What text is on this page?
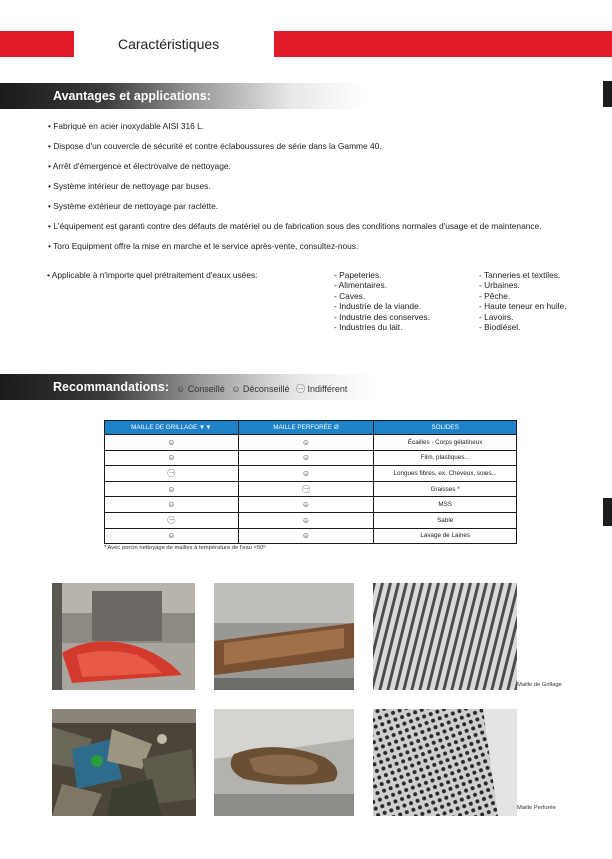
Caractéristiques
Avantages et applications:
• Fabriqué en acier inoxydable AISI 316 L.
• Dispose d'un couvercle de sécurité et contre éclaboussures de série dans la Gamme 40.
• Arrêt d'émergence et électrovalve de nettoyage.
• Système intérieur de nettoyage par buses.
• Système extérieur de nettoyage par raclette.
• L'équipement est garanti contre des défauts de matériel ou de fabrication sous des conditions normales d'usage et de maintenance.
• Toro Equipment offre la mise en marche et le service après-vente, consultez-nous.
• Applicable à n'importe quel prétraitement d'eaux usées:	- Papeteries.
- Alimentaires.
- Caves.
- Industrie de la viande.
- Industrie des conserves.
- Industries du lait.
- Tanneries et textiles.
- Urbaines.
- Pêche.
- Haute teneur en huile.
- Lavoirs.
- Biodiésel.
Recommandations: ☺ Conseillé ☺ Déconseillé ㊀ Indifférent
MAILLE DE GRILLAGE ▼▼	MAILLE PERFORÉE Ø	SOLIDES
☺	☺	Écailles - Corps gélatineux
☺	☺	Film, plastiques...
㊀	☺	Longues fibres, ex. Cheveux, soies...
☺	㊀	Graisses *
☺	☺	MSS
㊀	☺	Sable
☺	☺	Lavage de Laines
* Avec porcin nettoyage de mailles à température de l'eau <50º
Maille de Grillage
Maille Perforée
